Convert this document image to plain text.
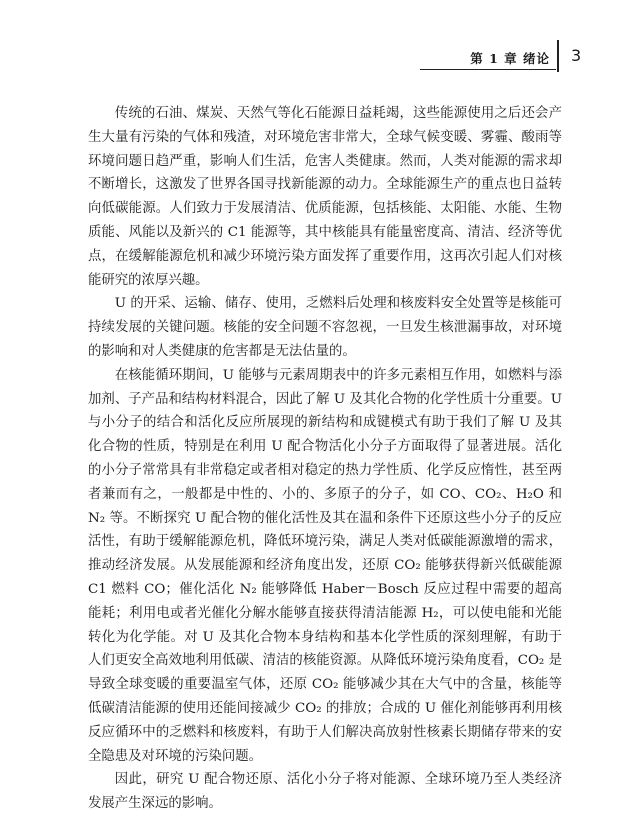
第 1 章 绪论 3

传统的石油、煤炭、天然气等化石能源日益耗竭，这些能源使用之后还会产生大量有污染的气体和残渣，对环境危害非常大，全球气候变暖、雾霾、酸雨等环境问题日趋严重，影响人们生活，危害人类健康。然而，人类对能源的需求却不断增长，这激发了世界各国寻找新能源的动力。全球能源生产的重点也日益转向低碳能源。人们致力于发展清洁、优质能源，包括核能、太阳能、水能、生物质能、风能以及新兴的 C1 能源等，其中核能具有能量密度高、清洁、经济等优点，在缓解能源危机和减少环境污染方面发挥了重要作用，这再次引起人们对核能研究的浓厚兴趣。

U 的开采、运输、储存、使用，乏燃料后处理和核废料安全处置等是核能可持续发展的关键问题。核能的安全问题不容忽视，一旦发生核泄漏事故，对环境的影响和对人类健康的危害都是无法估量的。

在核能循环期间，U 能够与元素周期表中的许多元素相互作用，如燃料与添加剂、子产品和结构材料混合，因此了解 U 及其化合物的化学性质十分重要。U 与小分子的结合和活化反应所展现的新结构和成键模式有助于我们了解 U 及其化合物的性质，特别是在利用 U 配合物活化小分子方面取得了显著进展。活化的小分子常常具有非常稳定或者相对稳定的热力学性质、化学反应惰性，甚至两者兼而有之，一般都是中性的、小的、多原子的分子，如 CO、CO₂、H₂O 和 N₂ 等。不断探究 U 配合物的催化活性及其在温和条件下还原这些小分子的反应活性，有助于缓解能源危机，降低环境污染，满足人类对低碳能源激增的需求，推动经济发展。从发展能源和经济角度出发，还原 CO₂ 能够获得新兴低碳能源 C1 燃料 CO；催化活化 N₂ 能够降低 Haber－Bosch 反应过程中需要的超高能耗；利用电或者光催化分解水能够直接获得清洁能源 H₂，可以使电能和光能转化为化学能。对 U 及其化合物本身结构和基本化学性质的深刻理解，有助于人们更安全高效地利用低碳、清洁的核能资源。从降低环境污染角度看，CO₂ 是导致全球变暖的重要温室气体，还原 CO₂ 能够减少其在大气中的含量，核能等低碳清洁能源的使用还能间接减少 CO₂ 的排放；合成的 U 催化剂能够再利用核反应循环中的乏燃料和核废料，有助于人们解决高放射性核素长期储存带来的安全隐患及对环境的污染问题。

因此，研究 U 配合物还原、活化小分子将对能源、全球环境乃至人类经济发展产生深远的影响。
